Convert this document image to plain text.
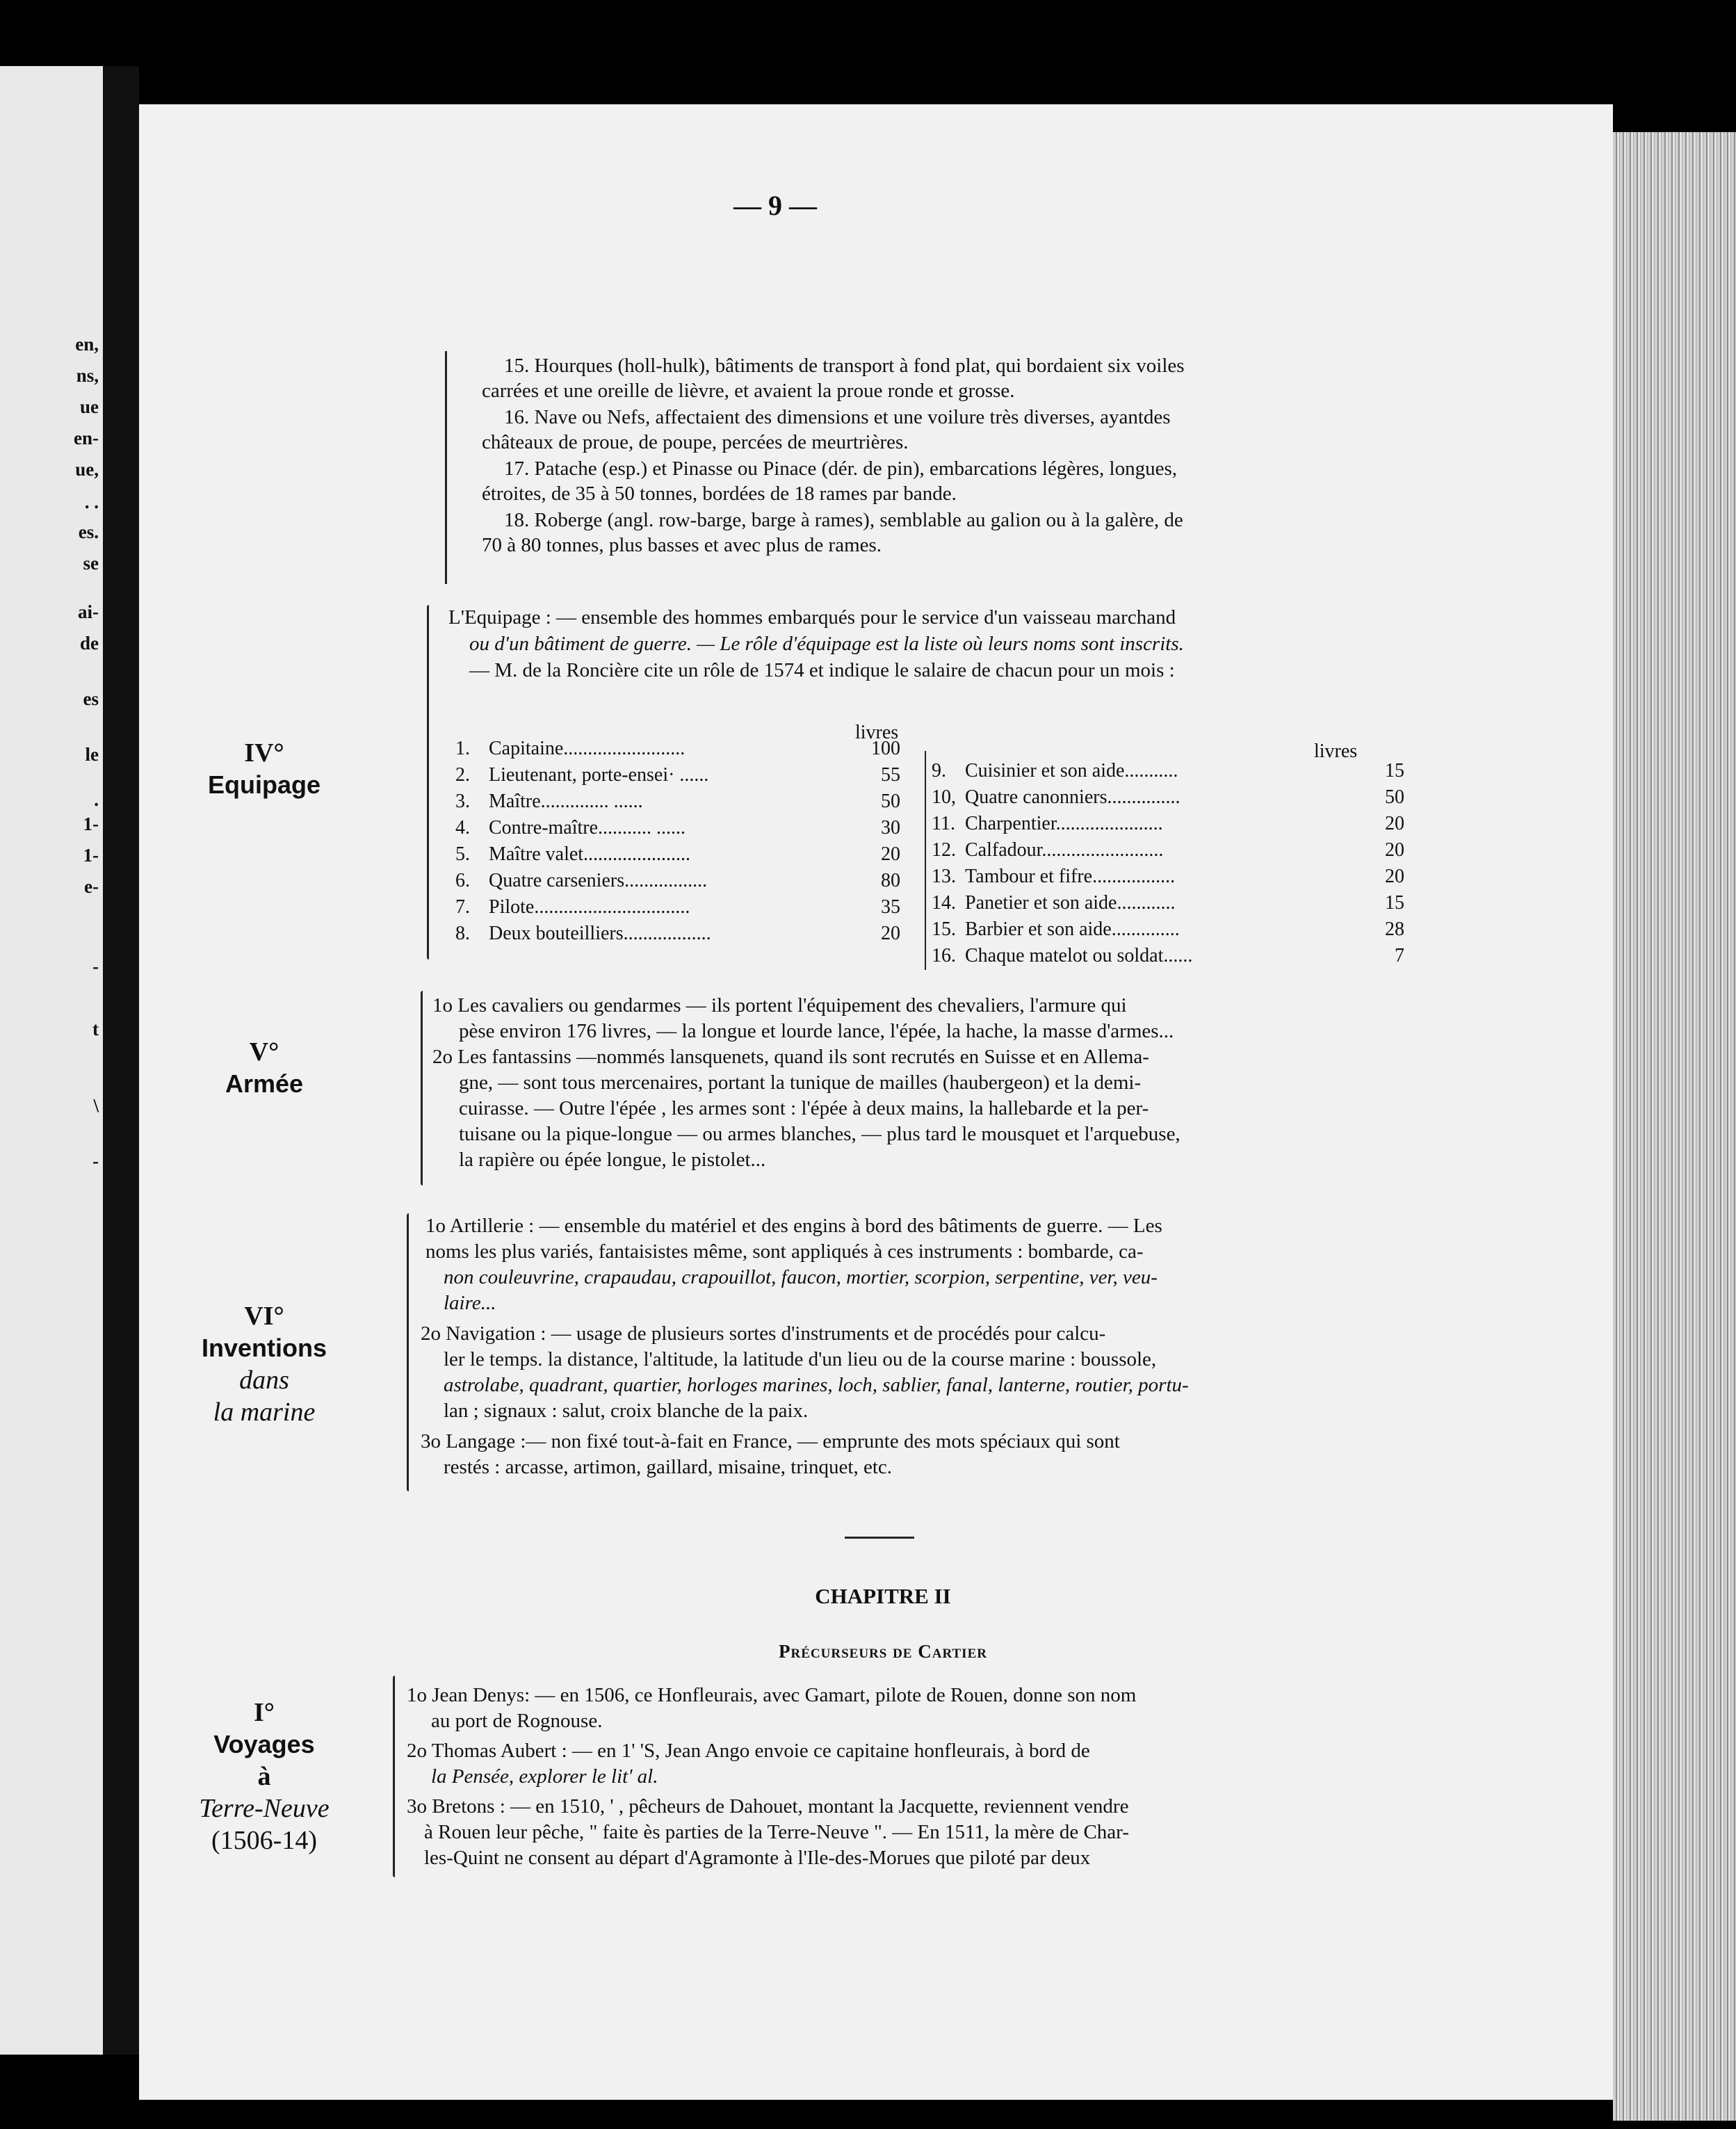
en,
ns,
ue
en-
ue,
. .
es.
se
ai-
de
es
le
.
1-
1-
e-
-
t
\
-
— 9 —
15. Hourques (holl-hulk), bâtiments de transport à fond plat, qui bordaient six voiles
carrées et une oreille de lièvre, et avaient la proue ronde et grosse.
16. Nave ou Nefs, affectaient des dimensions et une voilure très diverses, ayantdes
châteaux de proue, de poupe, percées de meurtrières.
17. Patache (esp.) et Pinasse ou Pinace (dér. de pin), embarcations légères, longues,
étroites, de 35 à 50 tonnes, bordées de 18 rames par bande.
18. Roberge (angl. row-barge, barge à rames), semblable au galion ou à la galère, de
70 à 80 tonnes, plus basses et avec plus de rames.
IV°
Equipage
L'Equipage : — ensemble des hommes embarqués pour le service d'un vaisseau marchand
ou d'un bâtiment de guerre. — Le rôle d'équipage est la liste où leurs noms sont inscrits.
— M. de la Roncière cite un rôle de 1574 et indique le salaire de chacun pour un mois :
livres
livres
1. Capitaine.........................	100
2. Lieutenant, porte-ensei· ......	55
3. Maître.............. ......	50
4. Contre-maître........... ......	30
5. Maître valet......................	20
6. Quatre carseniers.................	80
7. Pilote................................	35
8. Deux bouteilliers..................	20
9. Cuisinier et son aide...........	15
10, Quatre canonniers...............	50
11. Charpentier......................	20
12. Calfadour.........................	20
13. Tambour et fifre.................	20
14. Panetier et son aide............	15
15. Barbier et son aide..............	28
16. Chaque matelot ou soldat......	7
V°
Armée
1o Les cavaliers ou gendarmes — ils portent l'équipement des chevaliers, l'armure qui
pèse environ 176 livres, — la longue et lourde lance, l'épée, la hache, la masse d'armes...
2o Les fantassins —nommés lansquenets, quand ils sont recrutés en Suisse et en Allema-
gne, — sont tous mercenaires, portant la tunique de mailles (haubergeon) et la demi-
cuirasse. — Outre l'épée , les armes sont : l'épée à deux mains, la hallebarde et la per-
tuisane ou la pique-longue — ou armes blanches, — plus tard le mousquet et l'arquebuse,
la rapière ou épée longue, le pistolet...
VI°
Inventions
dans
la marine
1o Artillerie : — ensemble du matériel et des engins à bord des bâtiments de guerre. — Les
noms les plus variés, fantaisistes même, sont appliqués à ces instruments : bombarde, ca-
non couleuvrine, crapaudau, crapouillot, faucon, mortier, scorpion, serpentine, ver, veu-
laire...
2o Navigation : — usage de plusieurs sortes d'instruments et de procédés pour calcu-
ler le temps. la distance, l'altitude, la latitude d'un lieu ou de la course marine : boussole,
astrolabe, quadrant, quartier, horloges marines, loch, sablier, fanal, lanterne, routier, portu-
lan ; signaux : salut, croix blanche de la paix.
3o Langage :— non fixé tout-à-fait en France, — emprunte des mots spéciaux qui sont
restés : arcasse, artimon, gaillard, misaine, trinquet, etc.
CHAPITRE II
Précurseurs de Cartier
I°
Voyages
à
Terre-Neuve
(1506-14)
1o Jean Denys: — en 1506, ce Honfleurais, avec Gamart, pilote de Rouen, donne son nom
au port de Rognouse.
2o Thomas Aubert : — en 1' 'S, Jean Ango envoie ce capitaine honfleurais, à bord de
la Pensée, explorer le lit' al.
3o Bretons : — en 1510, ' , pêcheurs de Dahouet, montant la Jacquette, reviennent vendre
à Rouen leur pêche, " faite ès parties de la Terre-Neuve ". — En 1511, la mère de Char-
les-Quint ne consent au départ d'Agramonte à l'Ile-des-Morues que piloté par deux
